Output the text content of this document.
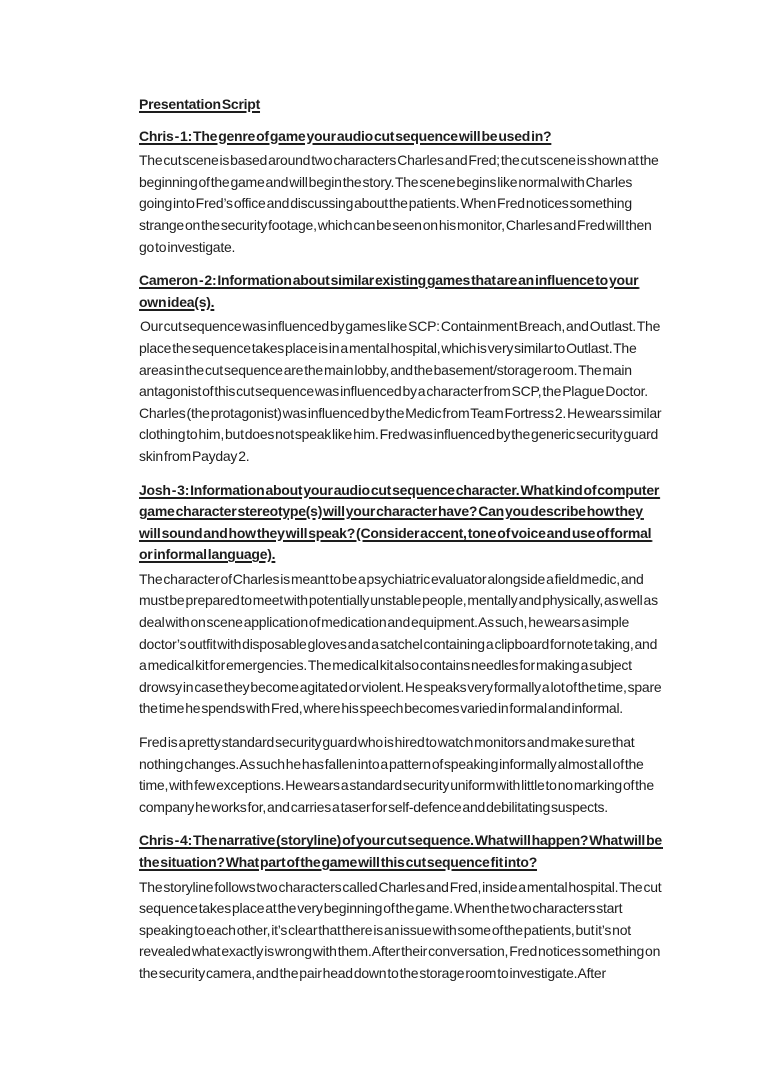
Presentation Script
Chris - 1: The genre of game your audio cut sequence will be used in?

The cut scene is based around two characters Charles and Fred; the cut scene is shown at the beginning of the game and will begin the story. The scene begins like normal with Charles going into Fred’s office and discussing about the patients. When Fred notices something strange on the security footage, which can be seen on his monitor, Charles and Fred will then go to investigate.

Cameron - 2: Information about similar existing games that are an influence to your own idea(s).

Our cut sequence was influenced by games like SCP: Containment Breach, and Outlast. The place the sequence takes place is in a mental hospital, which is very similar to Outlast. The areas in the cut sequence are the main lobby, and the basement/storage room. The main antagonist of this cut sequence was influenced by a character from SCP, the Plague Doctor. Charles (the protagonist) was influenced by the Medic from Team Fortress 2. He wears similar clothing to him, but does not speak like him. Fred was influenced by the generic security guard skin from Payday 2.

Josh - 3: Information about your audio cut sequence character. What kind of computer game character stereotype(s) will your character have? Can you describe how they will sound and how they will speak? (Consider accent, tone of voice and use of formal or informal language).

The character of Charles is meant to be a psychiatric evaluator alongside a field medic, and must be prepared to meet with potentially unstable people, mentally and physically, as well as deal with on scene application of medication and equipment. As such, he wears a simple doctor’s outfit with disposable gloves and a satchel containing a clipboard for note taking, and a medical kit for emergencies. The medical kit also contains needles for making a subject drowsy in case they become agitated or violent. He speaks very formally a lot of the time, spare the time he spends with Fred, where his speech becomes varied in formal and informal.

Fred is a pretty standard security guard who is hired to watch monitors and make sure that nothing changes. As such he has fallen into a pattern of speaking informally almost all of the time, with few exceptions. He wears a standard security uniform with little to no marking of the company he works for, and carries a taser for self-defence and debilitating suspects.

Chris - 4: The narrative (storyline) of your cut sequence. What will happen? What will be the situation? What part of the game will this cut sequence fit into?

The storyline follows two characters called Charles and Fred, inside a mental hospital. The cut sequence takes place at the very beginning of the game. When the two characters start speaking to each other, it’s clear that there is an issue with some of the patients, but it’s not revealed what exactly is wrong with them. After their conversation, Fred notices something on the security camera, and the pair head down to the storage room to investigate. After
